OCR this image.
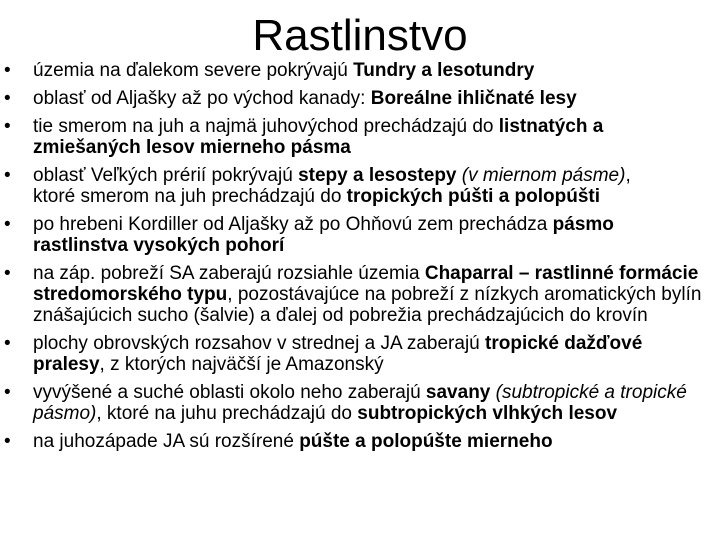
Rastlinstvo
• územia na ďalekom severe pokrývajú Tundry a lesotundry
• oblasť od Aljašky až po východ kanady: Boreálne ihličnaté lesy
• tie smerom na juh a najmä juhovýchod prechádzajú do listnatých a zmiešaných lesov mierneho pásma
• oblasť Veľkých prérií pokrývajú stepy a lesostepy (v miernom pásme),
ktoré smerom na juh prechádzajú do tropických púšti a polopúšti
• po hrebeni Kordiller od Aljašky až po Ohňovú zem prechádza pásmo rastlinstva vysokých pohorí
• na záp. pobreží SA zaberajú rozsiahle územia Chaparral – rastlinné formácie stredomorského typu, pozostávajúce na pobreží z nízkych aromatických bylín znášajúcich sucho (šalvie) a ďalej od pobrežia prechádzajúcich do krovín
• plochy obrovských rozsahov v strednej a JA zaberajú tropické dažďové pralesy, z ktorých najväčší je Amazonský
• vyvýšené a suché oblasti okolo neho zaberajú savany (subtropické a tropické pásmo), ktoré na juhu prechádzajú do subtropických vlhkých lesov
• na juhozápade JA sú rozšírené púšte a polopúšte mierneho
